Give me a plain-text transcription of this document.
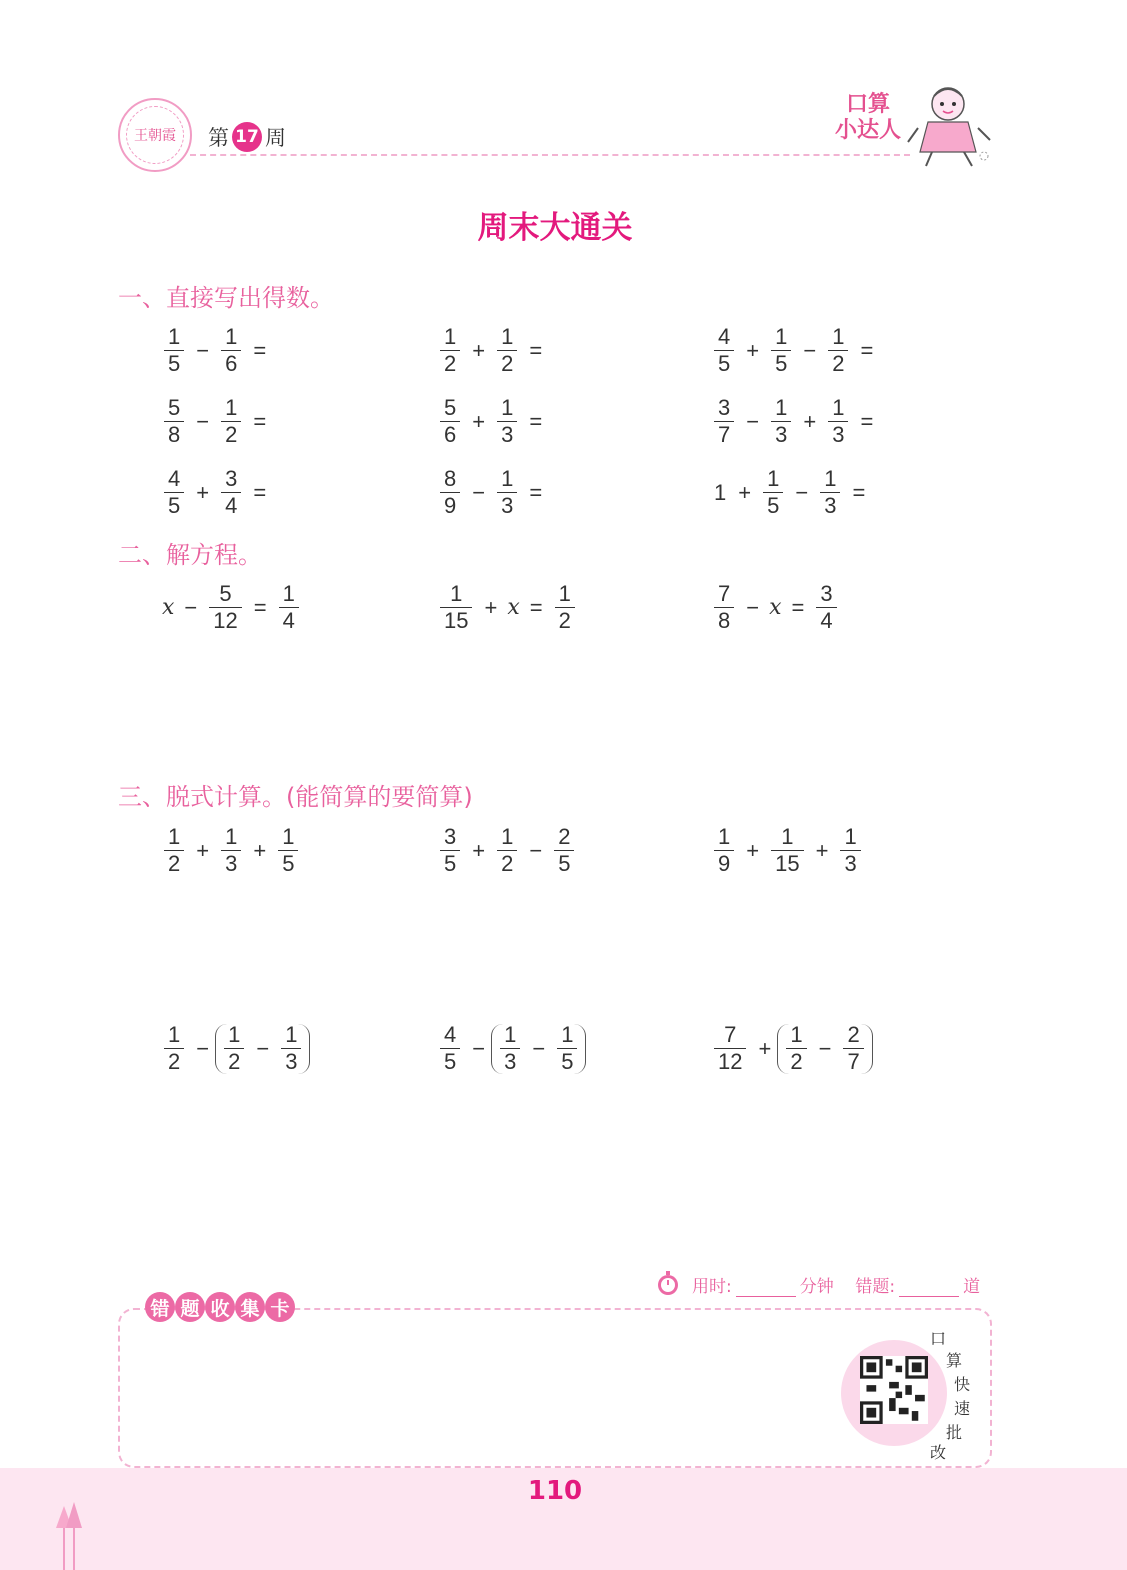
王朝霞	第 17 周
口算
小达人
周末大通关
一、直接写出得数。
$\frac{1}{5} - \frac{1}{6}$ =	$\frac{1}{2} + \frac{1}{2}$ =	$\frac{4}{5} + \frac{1}{5} - \frac{1}{2}$ =
$\frac{5}{8} - \frac{1}{2}$ =	$\frac{5}{6} + \frac{1}{3}$ =	$\frac{3}{7} - \frac{1}{3} + \frac{1}{3}$ =
$\frac{4}{5} + \frac{3}{4}$ =	$\frac{8}{9} - \frac{1}{3}$ =	$1 + \frac{1}{5} - \frac{1}{3}$ =
二、解方程。
$x - \frac{5}{12} = \frac{1}{4}$	$\frac{1}{15} + x = \frac{1}{2}$	$\frac{7}{8} - x = \frac{3}{4}$
三、脱式计算。(能简算的要简算)
$\frac{1}{2} + \frac{1}{3} + \frac{1}{5}$	$\frac{3}{5} + \frac{1}{2} - \frac{2}{5}$	$\frac{1}{9} + \frac{1}{15} + \frac{1}{3}$
$\frac{1}{2} - \frac{1}{2} - \frac{1}{3}$	$\frac{4}{5} - \frac{1}{3} - \frac{1}{5}$	$\frac{7}{12} + \frac{1}{2} - \frac{2}{7}$
用时:	分钟 错题:	道
错 题 收 集 卡
口
算
快
速
批
改
110
